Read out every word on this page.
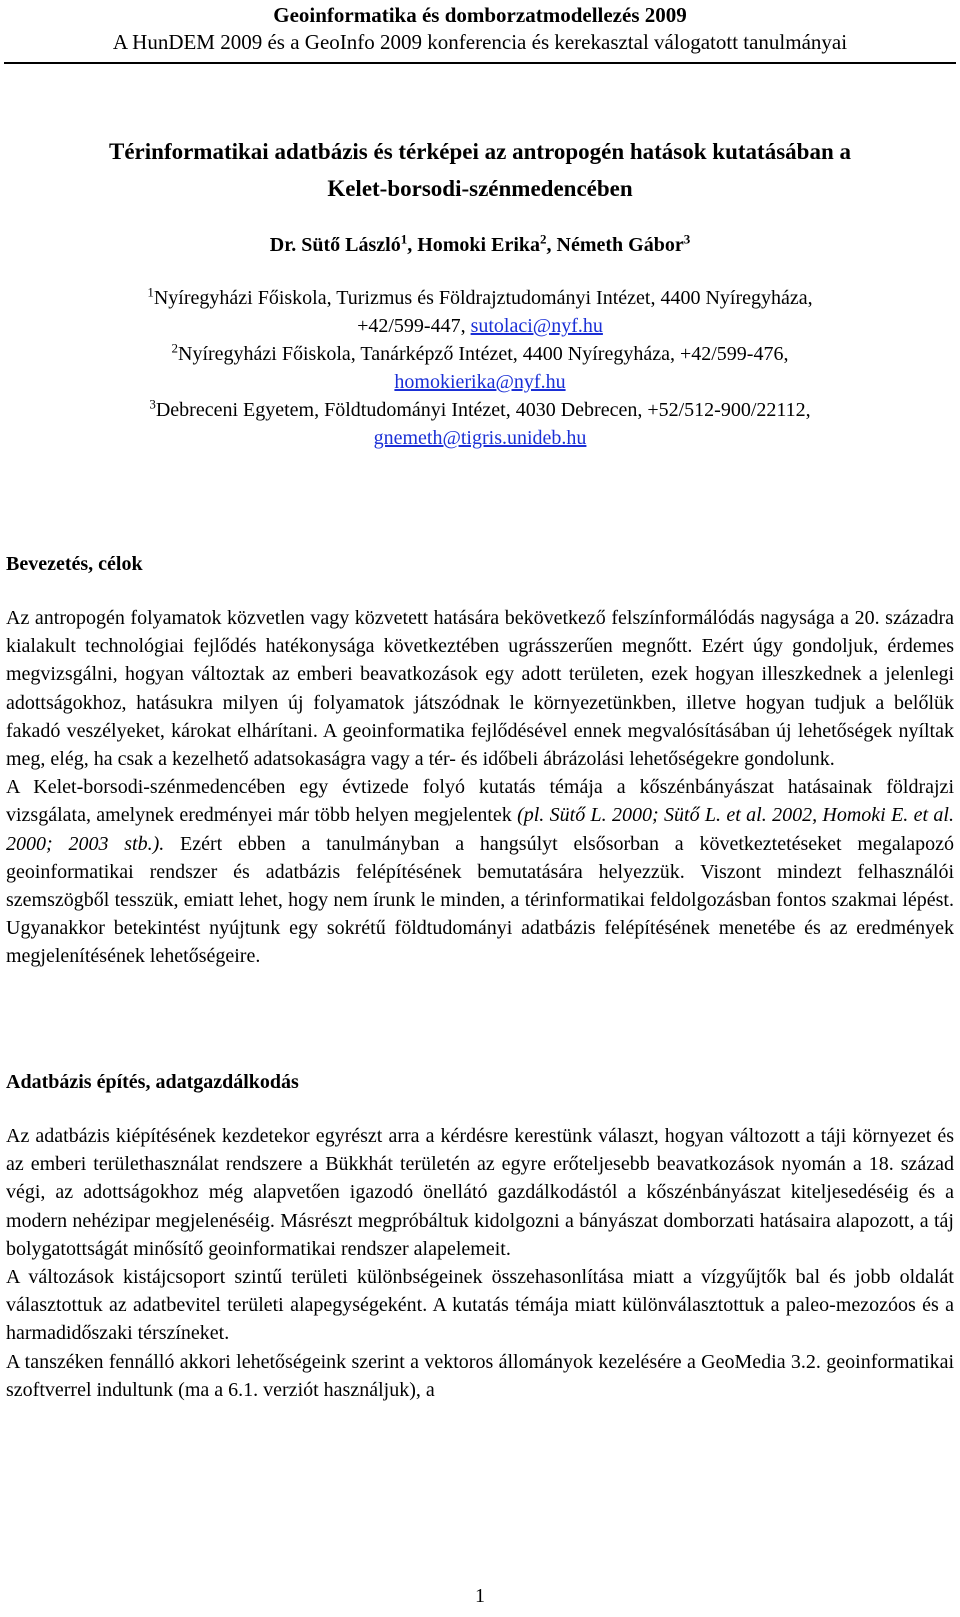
Geoinformatika és domborzatmodellezés 2009
A HunDEM 2009 és a GeoInfo 2009 konferencia és kerekasztal válogatott tanulmányai
Térinformatikai adatbázis és térképei az antropogén hatások kutatásában a
Kelet-borsodi-szénmedencében
Dr. Sütő László$^1$, Homoki Erika$^2$, Németh Gábor$^3$
$^1$Nyíregyházi Főiskola, Turizmus és Földrajztudományi Intézet, 4400 Nyíregyháza,
+42/599-447, sutolaci@nyf.hu
$^2$Nyíregyházi Főiskola, Tanárképző Intézet, 4400 Nyíregyháza, +42/599-476,
homokierika@nyf.hu
$^3$Debreceni Egyetem, Földtudományi Intézet, 4030 Debrecen, +52/512-900/22112,
gnemeth@tigris.unideb.hu
Bevezetés, célok

Az antropogén folyamatok közvetlen vagy közvetett hatására bekövetkező felszínformálódás nagysága a 20. századra kialakult technológiai fejlődés hatékonysága következtében ugrásszerűen megnőtt. Ezért úgy gondoljuk, érdemes megvizsgálni, hogyan változtak az emberi beavatkozások egy adott területen, ezek hogyan illeszkednek a jelenlegi adottságokhoz, hatásukra milyen új folyamatok játszódnak le környezetünkben, illetve hogyan tudjuk a belőlük fakadó veszélyeket, károkat elhárítani. A geoinformatika fejlődésével ennek megvalósításában új lehetőségek nyíltak meg, elég, ha csak a kezelhető adatsokaságra vagy a tér- és időbeli ábrázolási lehetőségekre gondolunk.

A Kelet-borsodi-szénmedencében egy évtizede folyó kutatás témája a kőszénbányászat hatásainak földrajzi vizsgálata, amelynek eredményei már több helyen megjelentek (pl. Sütő L. 2000; Sütő L. et al. 2002, Homoki E. et al. 2000; 2003 stb.). Ezért ebben a tanulmányban a hangsúlyt elsősorban a következtetéseket megalapozó geoinformatikai rendszer és adatbázis felépítésének bemutatására helyezzük. Viszont mindezt felhasználói szemszögből tesszük, emiatt lehet, hogy nem írunk le minden, a térinformatikai feldolgozásban fontos szakmai lépést. Ugyanakkor betekintést nyújtunk egy sokrétű földtudományi adatbázis felépítésének menetébe és az eredmények megjelenítésének lehetőségeire.

Adatbázis építés, adatgazdálkodás

Az adatbázis kiépítésének kezdetekor egyrészt arra a kérdésre kerestünk választ, hogyan változott a táji környezet és az emberi területhasználat rendszere a Bükkhát területén az egyre erőteljesebb beavatkozások nyomán a 18. század végi, az adottságokhoz még alapvetően igazodó önellátó gazdálkodástól a kőszénbányászat kiteljesedéséig és a modern nehézipar megjelenéséig. Másrészt megpróbáltuk kidolgozni a bányászat domborzati hatásaira alapozott, a táj bolygatottságát minősítő geoinformatikai rendszer alapelemeit.

A változások kistájcsoport szintű területi különbségeinek összehasonlítása miatt a vízgyűjtők bal és jobb oldalát választottuk az adatbevitel területi alapegységeként. A kutatás témája miatt különválasztottuk a paleo-mezozóos és a harmadidőszaki térszíneket.

A tanszéken fennálló akkori lehetőségeink szerint a vektoros állományok kezelésére a GeoMedia 3.2. geoinformatikai szoftverrel indultunk (ma a 6.1. verziót használjuk), a

1
